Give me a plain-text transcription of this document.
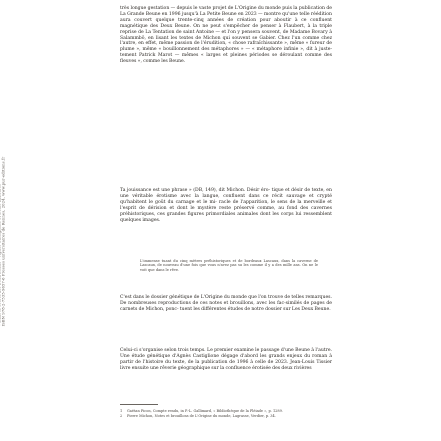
ISBN 978-2-7535-9657-6 Presses universitaires de Rennes, 2024, www.pur-editions.fr

très longue gestation — depuis le vaste projet de L'Origine du monde puis la publication de La Grande Beune en 1996 jusqu'à La Petite Beune en 2023 — montre qu'une telle réédition aura couvert quelque trente-cinq années de création pour aboutir à ce confluent magnétique des Deux Beune. On ne peut s'empêcher de penser à Flaubert, à la triple reprise de La Tentation de saint Antoine — et l'on y pensera souvent, de Madame Bovary à Salammbô, en lisant les textes de Michon qui souvent se Gabier. Chez l'un comme chez l'autre, en effet, même passion de l'érudition, « chose rafraîchissante », même « fureur de plume », même « bouillonnement des métaphores » — « métaphore infinie », dit à juste- tement Patrick Marot — mêmes « larges et pleines périodes se déroulant comme des fleuves », comme les Beune.

Ta jouissance est une phrase » (DB, 149), dit Michon. Désir éro- tique et désir de texte, en une véritable érotisme avec la langue, confluent dans ce récit sauvage et crypté qu'habitent le goût du carnage et le mi- racle de l'apparition, le sens de la merveille et l'esprit de dérision et dont le mystère reste préservé comme, au fond des cavernes préhistoriques, ces grandes figures primordiales animales dont les corps lui ressemblent quelques images.

L'immense tuant du cinq mètres préhistoriques et de bordeaux Lascaux, dans la caverne de Lascaux, de nouveau d'une fois que vous n'avez pas su les comme il y a des mille ans. On ne le voit que dans le rêve.

C'est dans le dossier génétique de L'Origine du monde que l'on trouve de telles remarques. De nombreuses reproductions de ces notes et brouillons, avec les fac-similés de pages de carnets de Michon, ponc- tuent les différentes études de notre dossier sur Les Deux Beune.

Celui-ci s'organise selon trois temps. Le premier examine le passage d'une Beune à l'autre. Une étude génétique d'Agnès Castiglione dégage d'abord les grands enjeux du roman à partir de l'histoire du texte, de la publication de 1996 à celle de 2023. Jean-Louis Tissier livre ensuite une rêverie géographique sur la confluence érotisée des deux rivières

1	Gaëtan Picon, Compte rendu, in P.-L. Gallimard, « Bibliothèque de la Pléiade », p. 1289.
2	Pierre Michon, Notes et brouillons de L'Origine du monde, Lagrasse, Verdier, p. 34.
